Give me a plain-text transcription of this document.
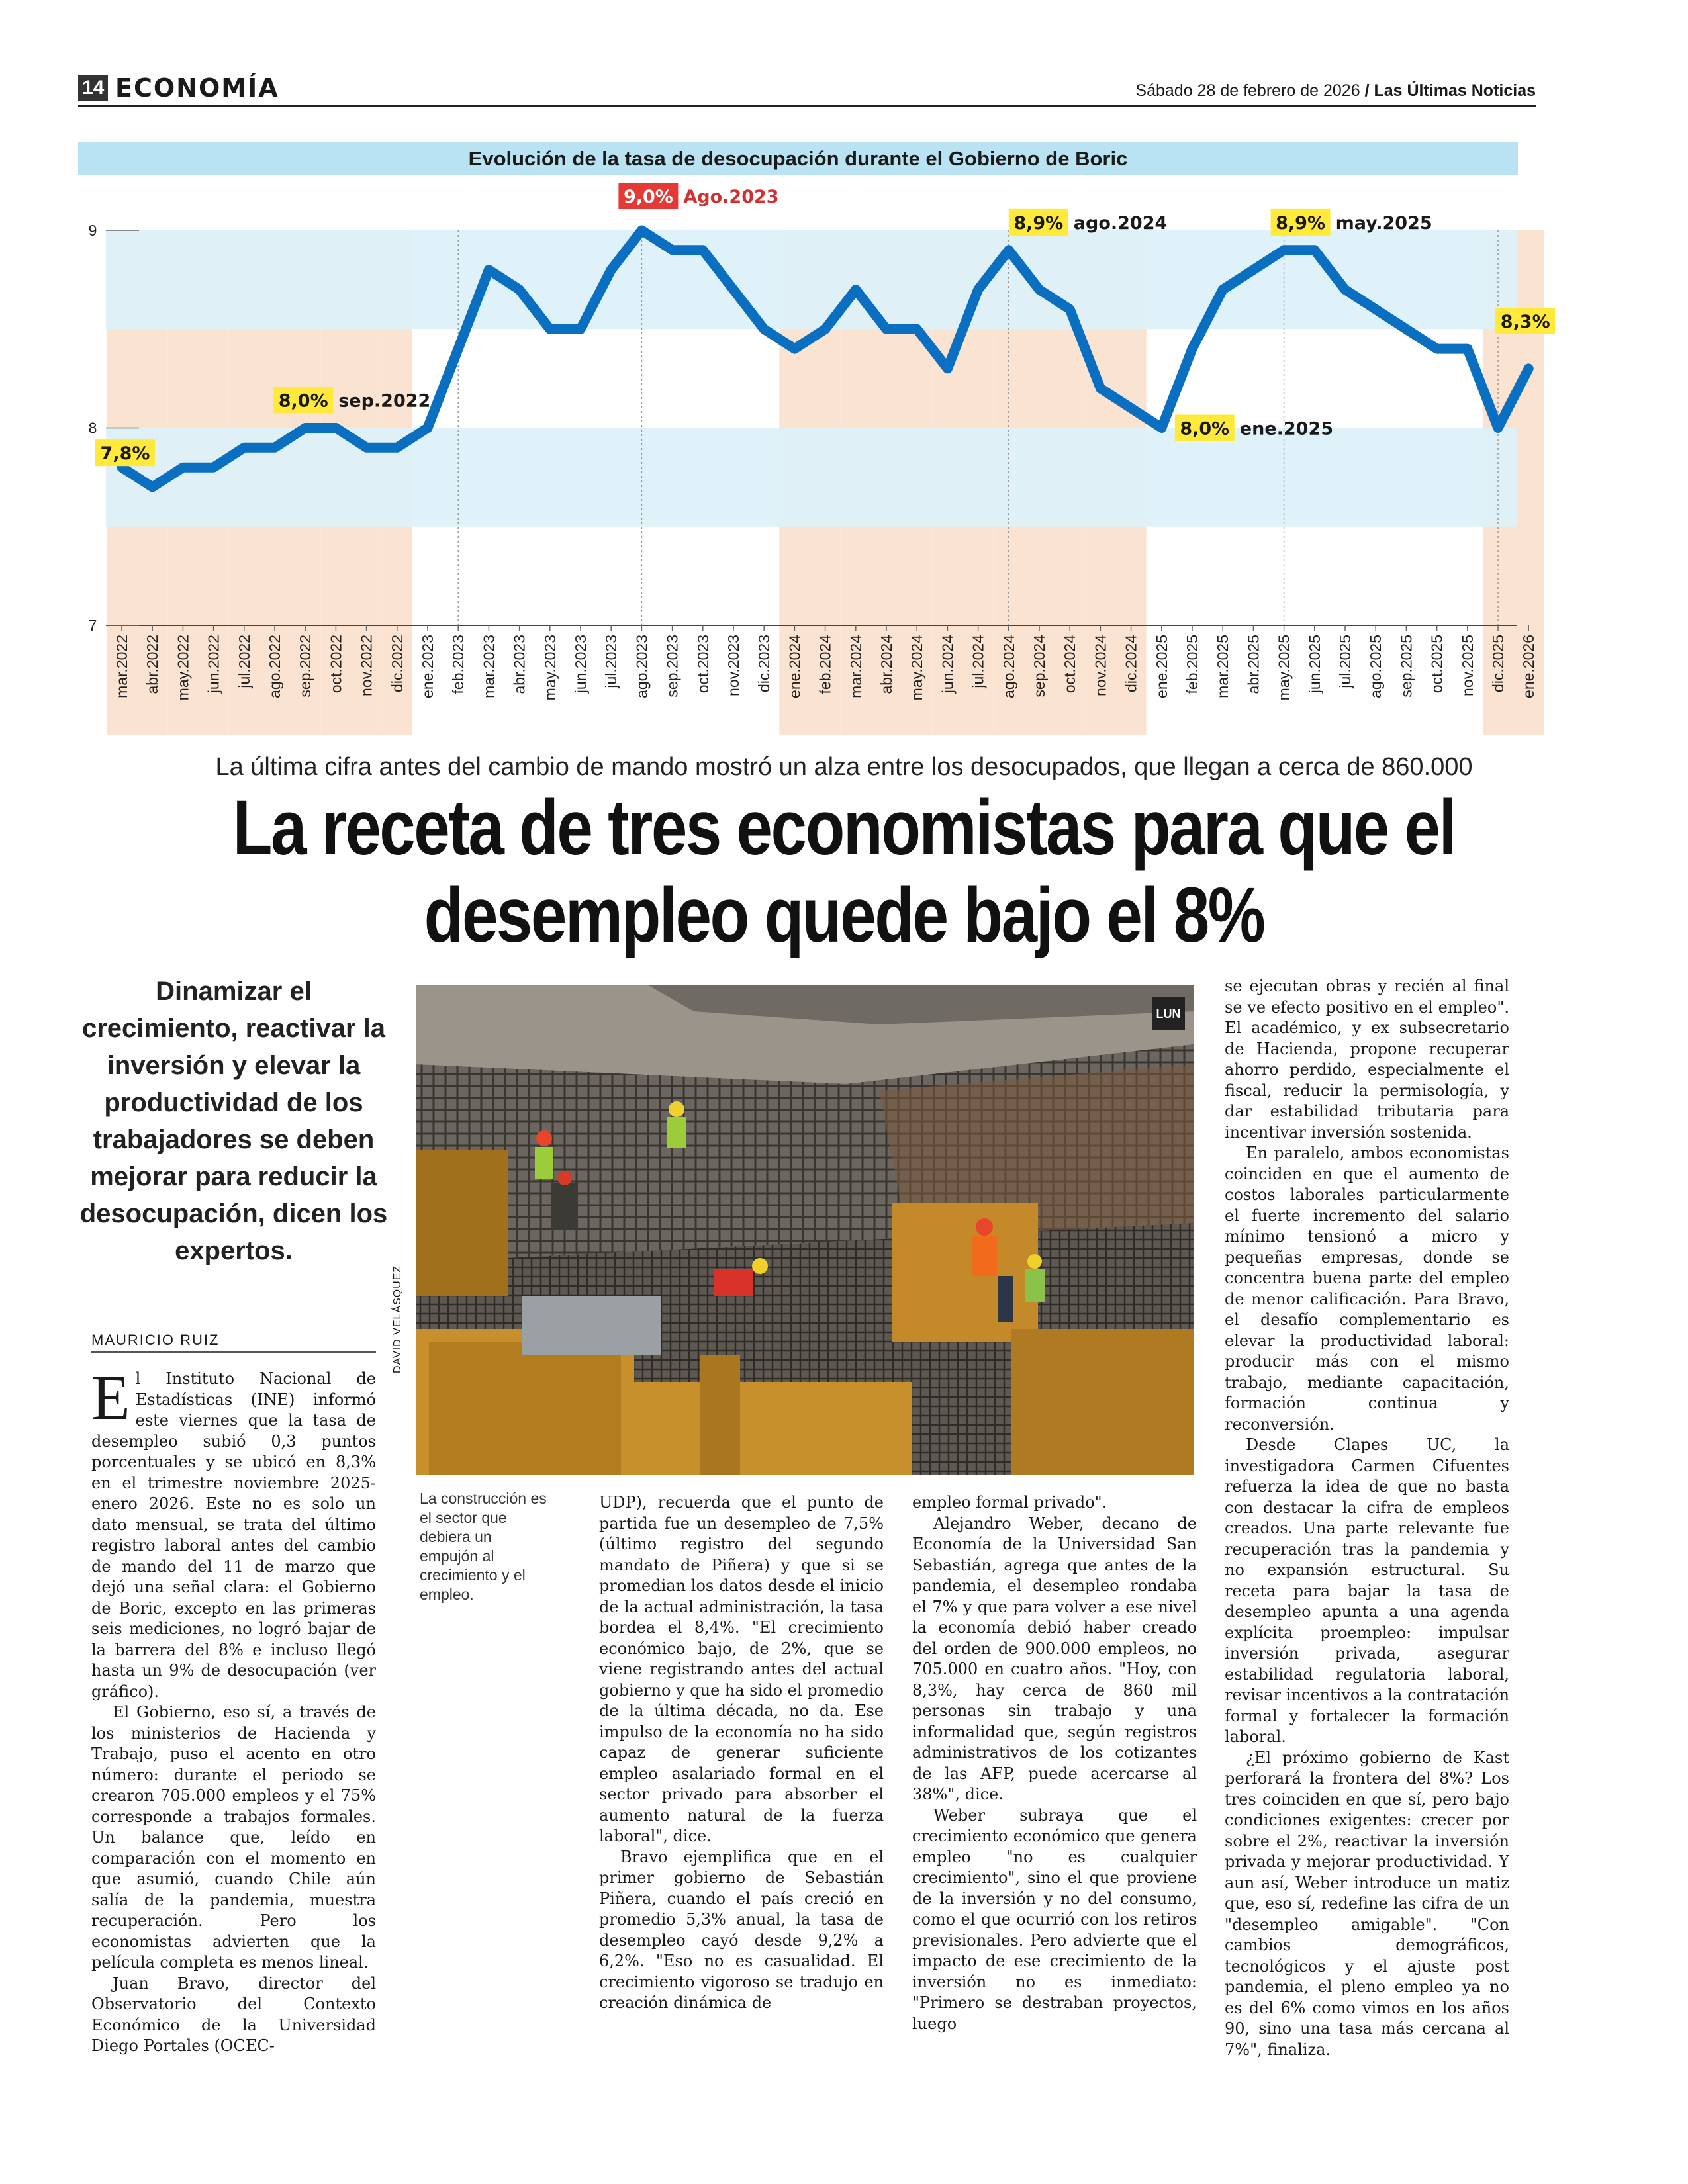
14 ECONOMÍA	Sábado 28 de febrero de 2026 / Las Últimas Noticias
Evolución de la tasa de desocupación durante el Gobierno de Boric
mar.2022 abr.2022 may.2022 jun.2022 jul.2022 ago.2022 sep.2022 oct.2022 nov.2022 dic.2022 ene.2023 feb.2023 mar.2023 abr.2023 may.2023 jun.2023 jul.2023 ago.2023 sep.2023 oct.2023 nov.2023 dic.2023 ene.2024 feb.2024 mar.2024 abr.2024 may.2024 jun.2024 jul.2024 ago.2024 sep.2024 oct.2024 nov.2024 dic.2024 ene.2025 feb.2025 mar.2025 abr.2025 may.2025 jun.2025 jul.2025 ago.2025 sep.2025 oct.2025 nov.2025 dic.2025 ene.2026
7
8
9
7,8%
8,0% sep.2022
9,0% Ago.2023
8,9% ago.2024
8,0% ene.2025
8,9% may.2025
8,3%
La última cifra antes del cambio de mando mostró un alza entre los desocupados, que llegan a cerca de 860.000
La receta de tres economistas para que el
desempleo quede bajo el 8%
Dinamizar el crecimiento, reactivar la inversión y elevar la productividad de los trabajadores se deben mejorar para reducir la desocupación, dicen los expertos.
MAURICIO RUIZ
LUN
DAVID VELÁSQUEZ
La construcción es el sector que debiera un empujón al crecimiento y el empleo.

El Instituto Nacional de Estadísticas (INE) informó este viernes que la tasa de desempleo subió 0,3 puntos porcentuales y se ubicó en 8,3% en el trimestre noviembre 2025-enero 2026. Este no es solo un dato mensual, se trata del último registro laboral antes del cambio de mando del 11 de marzo que dejó una señal clara: el Gobierno de Boric, excepto en las primeras seis mediciones, no logró bajar de la barrera del 8% e incluso llegó hasta un 9% de desocupación (ver gráfico).

El Gobierno, eso sí, a través de los ministerios de Hacienda y Trabajo, puso el acento en otro número: durante el periodo se crearon 705.000 empleos y el 75% corresponde a trabajos formales. Un balance que, leído en comparación con el momento en que asumió, cuando Chile aún salía de la pandemia, muestra recuperación. Pero los economistas advierten que la película completa es menos lineal.

Juan Bravo, director del Observatorio del Contexto Económico de la Universidad Diego Portales (OCEC-

UDP), recuerda que el punto de partida fue un desempleo de 7,5% (último registro del segundo mandato de Piñera) y que si se promedian los datos desde el inicio de la actual administración, la tasa bordea el 8,4%. "El crecimiento económico bajo, de 2%, que se viene registrando antes del actual gobierno y que ha sido el promedio de la última década, no da. Ese impulso de la economía no ha sido capaz de generar suficiente empleo asalariado formal en el sector privado para absorber el aumento natural de la fuerza laboral", dice.

Bravo ejemplifica que en el primer gobierno de Sebastián Piñera, cuando el país creció en promedio 5,3% anual, la tasa de desempleo cayó desde 9,2% a 6,2%. "Eso no es casualidad. El crecimiento vigoroso se tradujo en creación dinámica de

empleo formal privado".

Alejandro Weber, decano de Economía de la Universidad San Sebastián, agrega que antes de la pandemia, el desempleo rondaba el 7% y que para volver a ese nivel la economía debió haber creado del orden de 900.000 empleos, no 705.000 en cuatro años. "Hoy, con 8,3%, hay cerca de 860 mil personas sin trabajo y una informalidad que, según registros administrativos de los cotizantes de las AFP, puede acercarse al 38%", dice.

Weber subraya que el crecimiento económico que genera empleo "no es cualquier crecimiento", sino el que proviene de la inversión y no del consumo, como el que ocurrió con los retiros previsionales. Pero advierte que el impacto de ese crecimiento de la inversión no es inmediato: "Primero se destraban proyectos, luego

se ejecutan obras y recién al final se ve efecto positivo en el empleo". El académico, y ex subsecretario de Hacienda, propone recuperar ahorro perdido, especialmente el fiscal, reducir la permisología, y dar estabilidad tributaria para incentivar inversión sostenida.

En paralelo, ambos economistas coinciden en que el aumento de costos laborales particularmente el fuerte incremento del salario mínimo tensionó a micro y pequeñas empresas, donde se concentra buena parte del empleo de menor calificación. Para Bravo, el desafío complementario es elevar la productividad laboral: producir más con el mismo trabajo, mediante capacitación, formación continua y reconversión.

Desde Clapes UC, la investigadora Carmen Cifuentes refuerza la idea de que no basta con destacar la cifra de empleos creados. Una parte relevante fue recuperación tras la pandemia y no expansión estructural. Su receta para bajar la tasa de desempleo apunta a una agenda explícita proempleo: impulsar inversión privada, asegurar estabilidad regulatoria laboral, revisar incentivos a la contratación formal y fortalecer la formación laboral.

¿El próximo gobierno de Kast perforará la frontera del 8%? Los tres coinciden en que sí, pero bajo condiciones exigentes: crecer por sobre el 2%, reactivar la inversión privada y mejorar productividad. Y aun así, Weber introduce un matiz que, eso sí, redefine las cifra de un "desempleo amigable". "Con cambios demográficos, tecnológicos y el ajuste post pandemia, el pleno empleo ya no es del 6% como vimos en los años 90, sino una tasa más cercana al 7%", finaliza.
